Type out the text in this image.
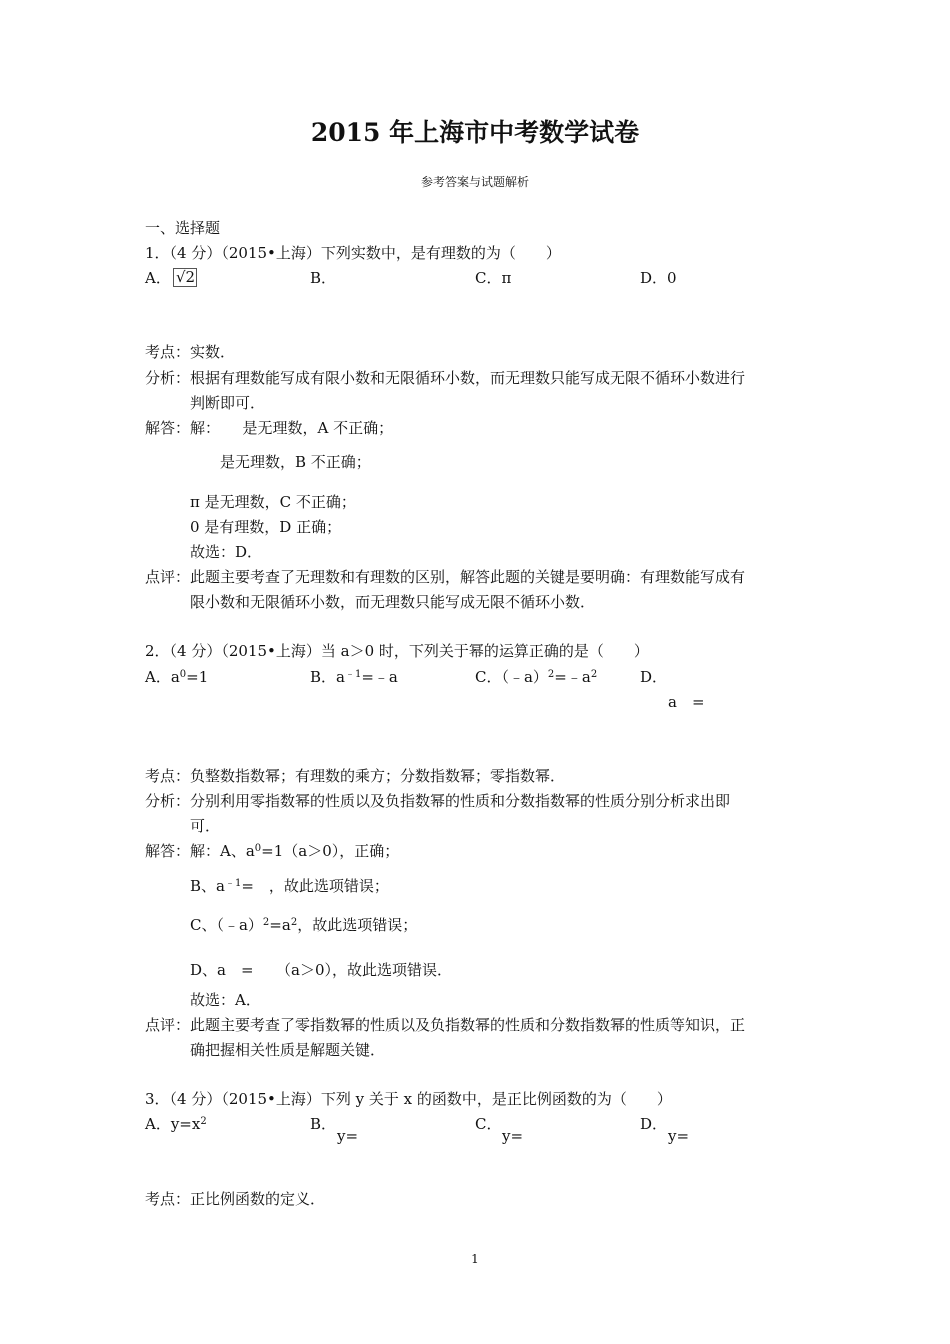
2015 年上海市中考数学试卷
参考答案与试题解析
一、选择题
1．（4 分）（2015•上海）下列实数中，是有理数的为（　　）
A． √2	B．	C．π	D．0
考点：实数．
分析：根据有理数能写成有限小数和无限循环小数，而无理数只能写成无限不循环小数进行
判断即可．
解答：解：　　是无理数，A 不正确；
是无理数，B 不正确；
π 是无理数，C 不正确；
0 是有理数，D 正确；
故选：D．
点评：此题主要考查了无理数和有理数的区别，解答此题的关键是要明确：有理数能写成有
限小数和无限循环小数，而无理数只能写成无限不循环小数．
2．（4 分）（2015•上海）当 a＞0 时，下列关于幂的运算正确的是（　　）
A．$a^0=1$	B．$a^{﹣1}=﹣a$	C．$(﹣a)^2=﹣a^2$	D．
a　=
考点：负整数指数幂；有理数的乘方；分数指数幂；零指数幂．
分析：分别利用零指数幂的性质以及负指数幂的性质和分数指数幂的性质分别分析求出即
可．
解答：解：A、$a^0=1(a>0)$，正确；
B、$a^{﹣1}=$　，故此选项错误；
C、$(﹣a)^2=a^2$，故此选项错误；
D、a　=　　（a＞0），故此选项错误．
故选：A．
点评：此题主要考查了零指数幂的性质以及负指数幂的性质和分数指数幂的性质等知识，正
确把握相关性质是解题关键．
3．（4 分）（2015•上海）下列 y 关于 x 的函数中，是正比例函数的为（　　）
A．$y=x^2$	B．
y=
C．
y=
D．
y=
考点：正比例函数的定义．
1
